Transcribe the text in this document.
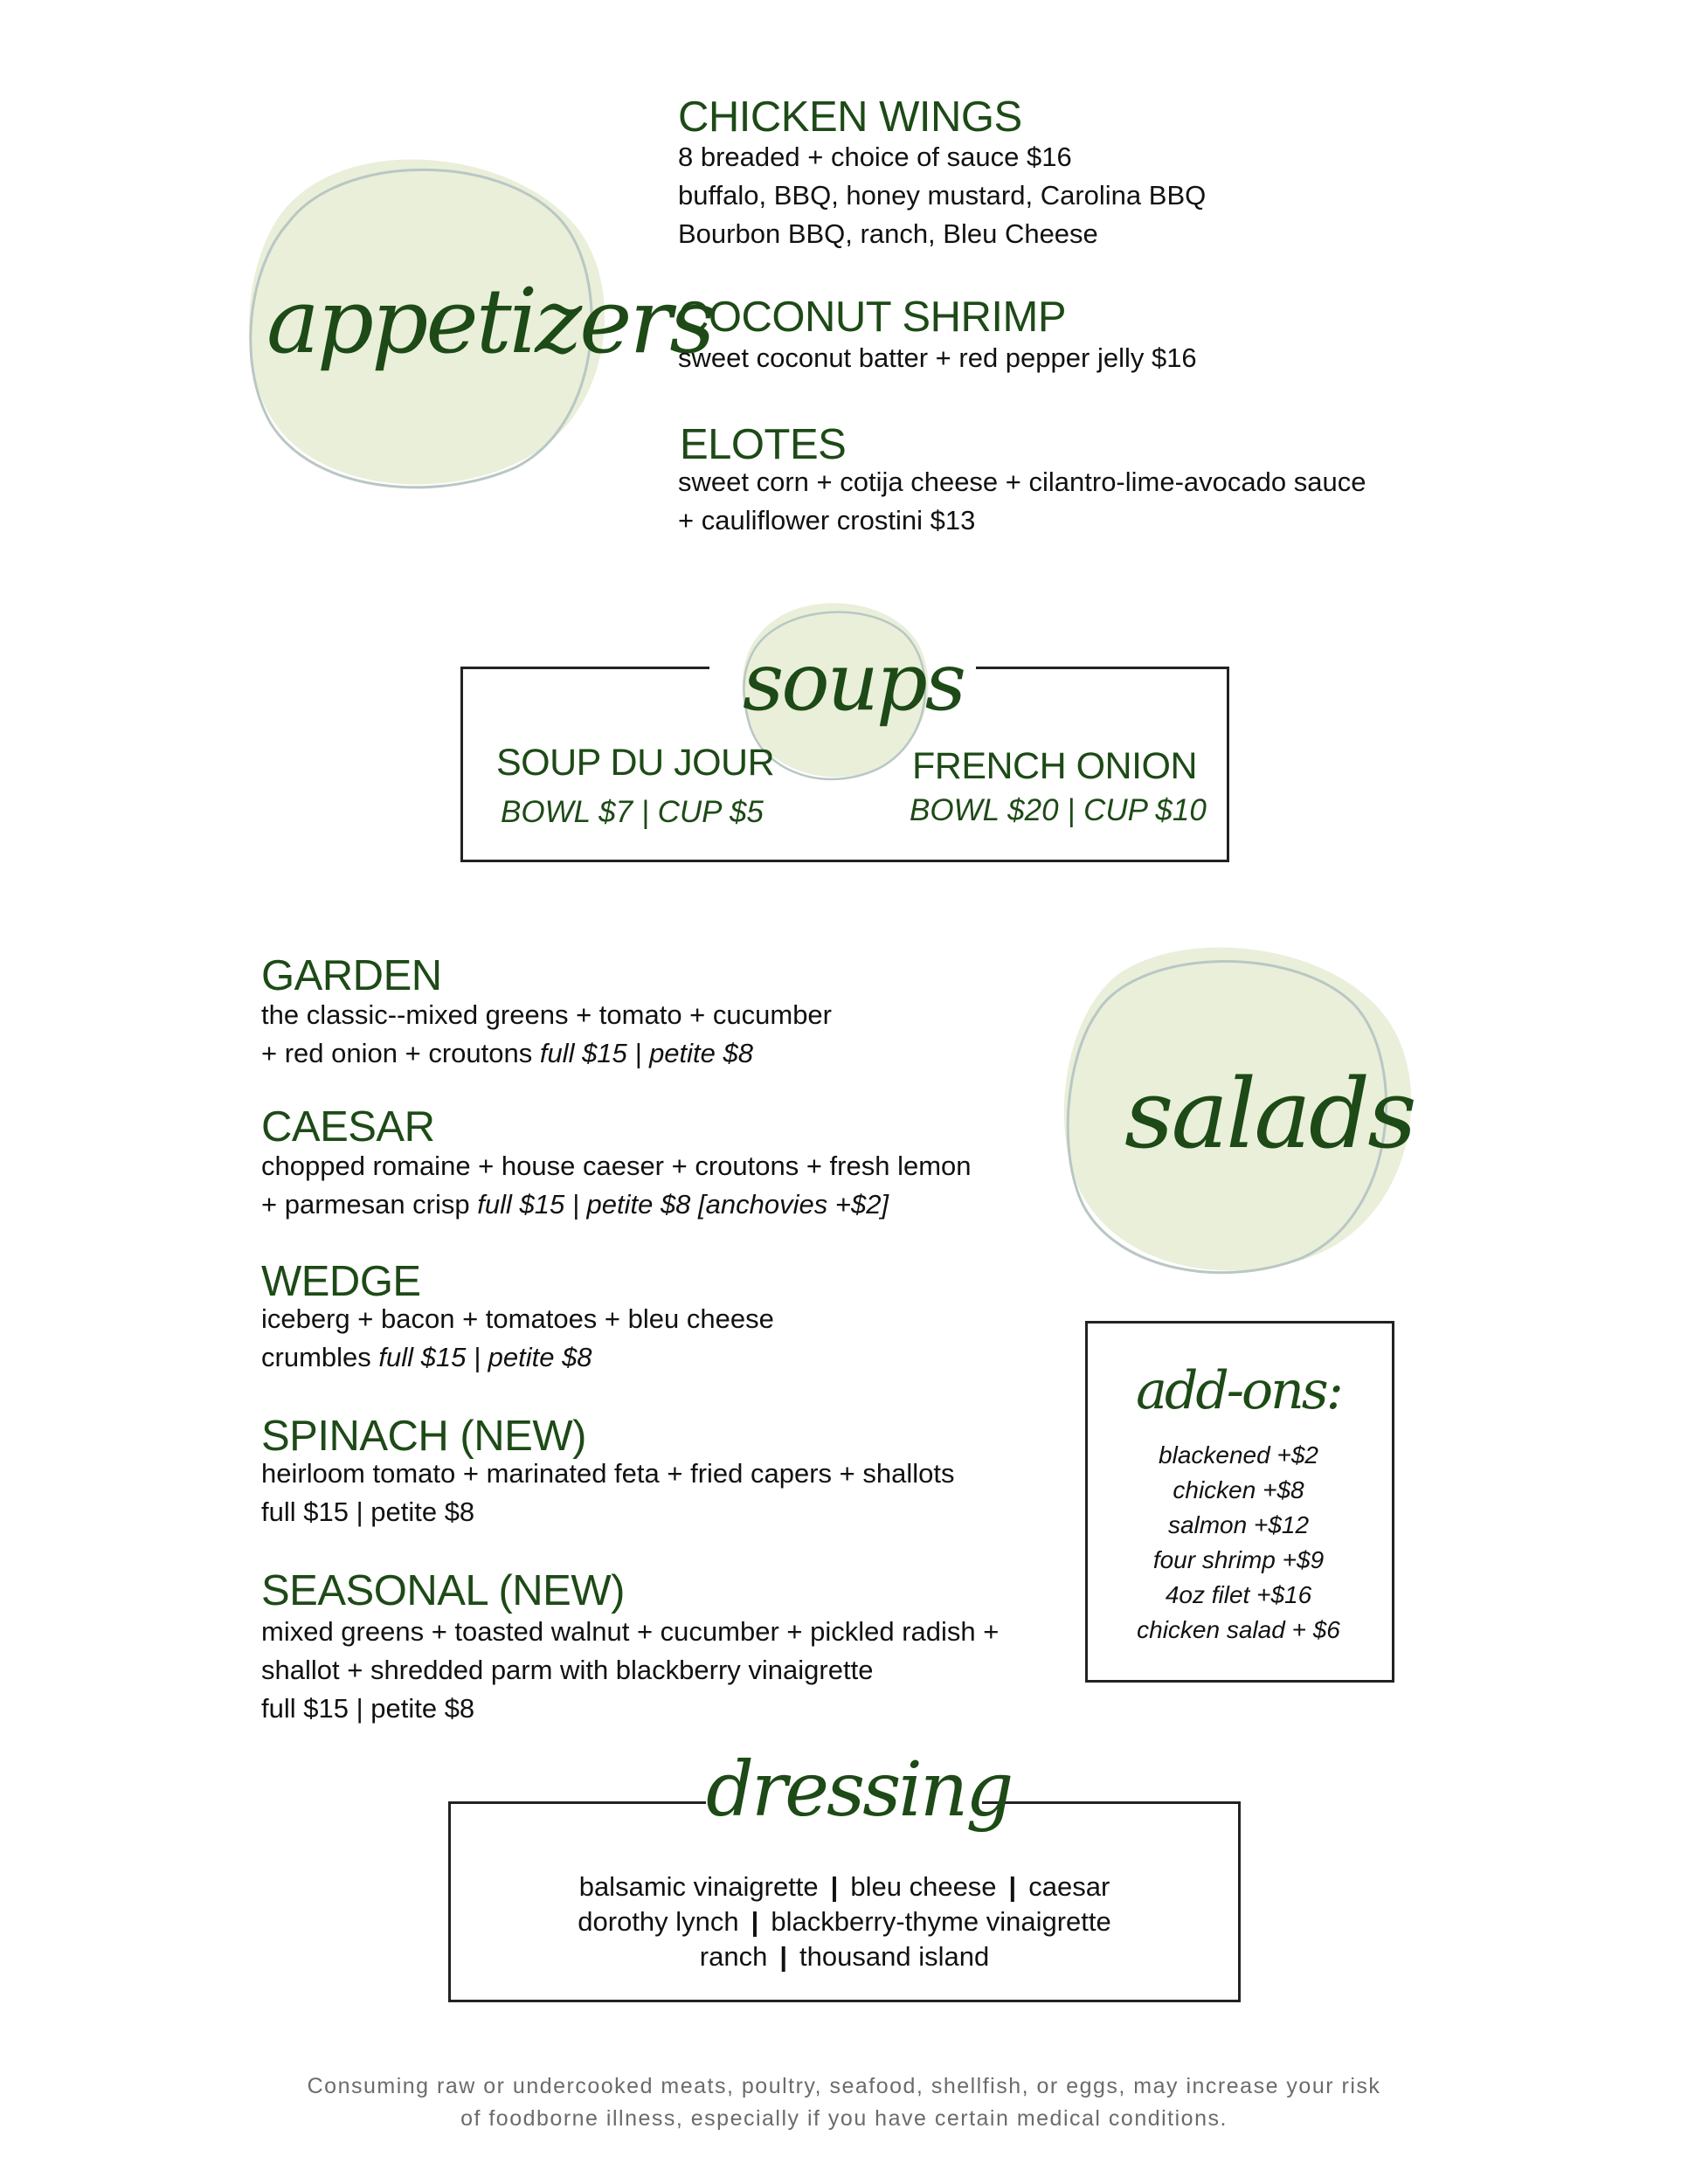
appetizers
CHICKEN WINGS
8 breaded + choice of sauce $16
buffalo, BBQ, honey mustard, Carolina BBQ
Bourbon BBQ, ranch, Bleu Cheese
COCONUT SHRIMP
sweet coconut batter + red pepper jelly $16
ELOTES
sweet corn + cotija cheese + cilantro-lime-avocado sauce
+ cauliflower crostini $13
soups
SOUP DU JOUR
BOWL $7 | CUP $5
FRENCH ONION
BOWL $20 | CUP $10
salads
GARDEN
the classic--mixed greens + tomato + cucumber
+ red onion + croutons full $15 | petite $8
CAESAR
chopped romaine + house caeser + croutons + fresh lemon
+ parmesan crisp full $15 | petite $8 [anchovies +$2]
WEDGE
iceberg + bacon + tomatoes + bleu cheese
crumbles full $15 | petite $8
SPINACH (NEW)
heirloom tomato + marinated feta + fried capers + shallots
full $15 | petite $8
SEASONAL (NEW)
mixed greens + toasted walnut + cucumber + pickled radish +
shallot + shredded parm with blackberry vinaigrette
full $15 | petite $8
add-ons:
blackened +$2
chicken +$8
salmon +$12
four shrimp +$9
4oz filet +$16
chicken salad + $6
dressing
balsamic vinaigrette | bleu cheese | caesar
dorothy lynch | blackberry-thyme vinaigrette
ranch | thousand island
Consuming raw or undercooked meats, poultry, seafood, shellfish, or eggs, may increase your risk
of foodborne illness, especially if you have certain medical conditions.
